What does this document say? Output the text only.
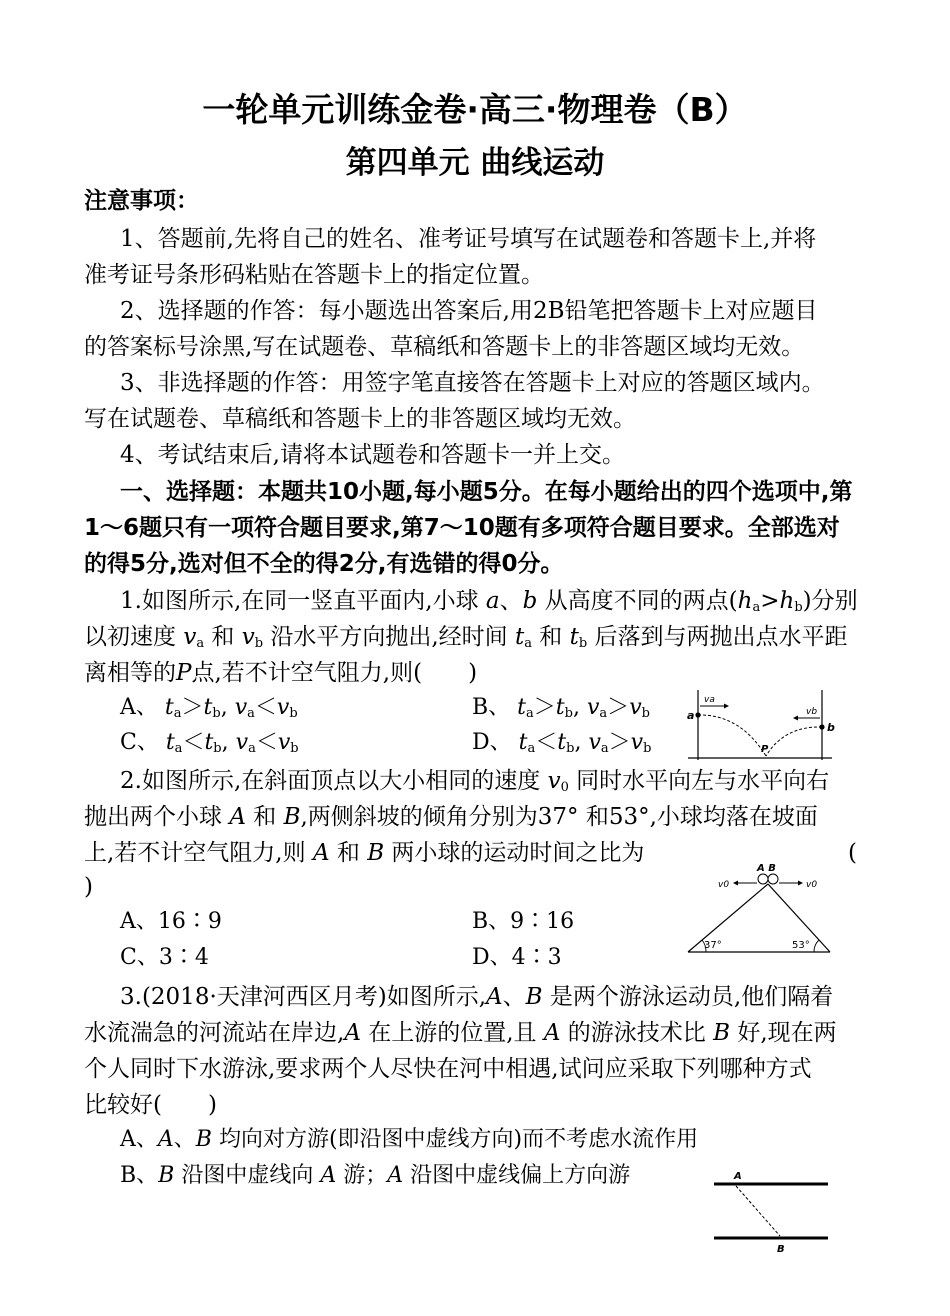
一轮单元训练金卷·高三·物理卷（B）
第四单元 曲线运动
注意事项：
1、答题前,先将自己的姓名、准考证号填写在试题卷和答题卡上,并将
准考证号条形码粘贴在答题卡上的指定位置。
2、选择题的作答：每小题选出答案后,用2B铅笔把答题卡上对应题目
的答案标号涂黑,写在试题卷、草稿纸和答题卡上的非答题区域均无效。
3、非选择题的作答：用签字笔直接答在答题卡上对应的答题区域内。
写在试题卷、草稿纸和答题卡上的非答题区域均无效。
4、考试结束后,请将本试题卷和答题卡一并上交。
一、选择题：本题共10小题,每小题5分。在每小题给出的四个选项中,第
1～6题只有一项符合题目要求,第7～10题有多项符合题目要求。全部选对
的得5分,选对但不全的得2分,有选错的得0分。
1.如图所示,在同一竖直平面内,小球 a、b 从高度不同的两点$(h_a>h_b)$分别
以初速度 $v_a$ 和 $v_b$ 沿水平方向抛出,经时间 $t_a$ 和 $t_b$ 后落到与两抛出点水平距
离相等的P点,若不计空气阻力,则(　　)
A、 $t_a>t_b$, $v_a<v_b$	B、 $t_a>t_b$, $v_a>v_b$
C、 $t_a<t_b$, $v_a<v_b$	D、 $t_a<t_b$, $v_a>v_b$
a
b
va
vb
P
2.如图所示,在斜面顶点以大小相同的速度 $v_0$ 同时水平向左与水平向右
抛出两个小球 A 和 B,两侧斜坡的倾角分别为37° 和53°,小球均落在坡面
上,若不计空气阻力,则 A 和 B 两小球的运动时间之比为	(
)
A、16∶9	B、9∶16
C、3∶4	D、4∶3
A B
v0	v0
37°	53°
3.(2018·天津河西区月考)如图所示,A、B 是两个游泳运动员,他们隔着
水流湍急的河流站在岸边,A 在上游的位置,且 A 的游泳技术比 B 好,现在两
个人同时下水游泳,要求两个人尽快在河中相遇,试问应采取下列哪种方式
比较好(　　)
A、A、B 均向对方游(即沿图中虚线方向)而不考虑水流作用
B、B 沿图中虚线向 A 游；A 沿图中虚线偏上方向游	A
B
